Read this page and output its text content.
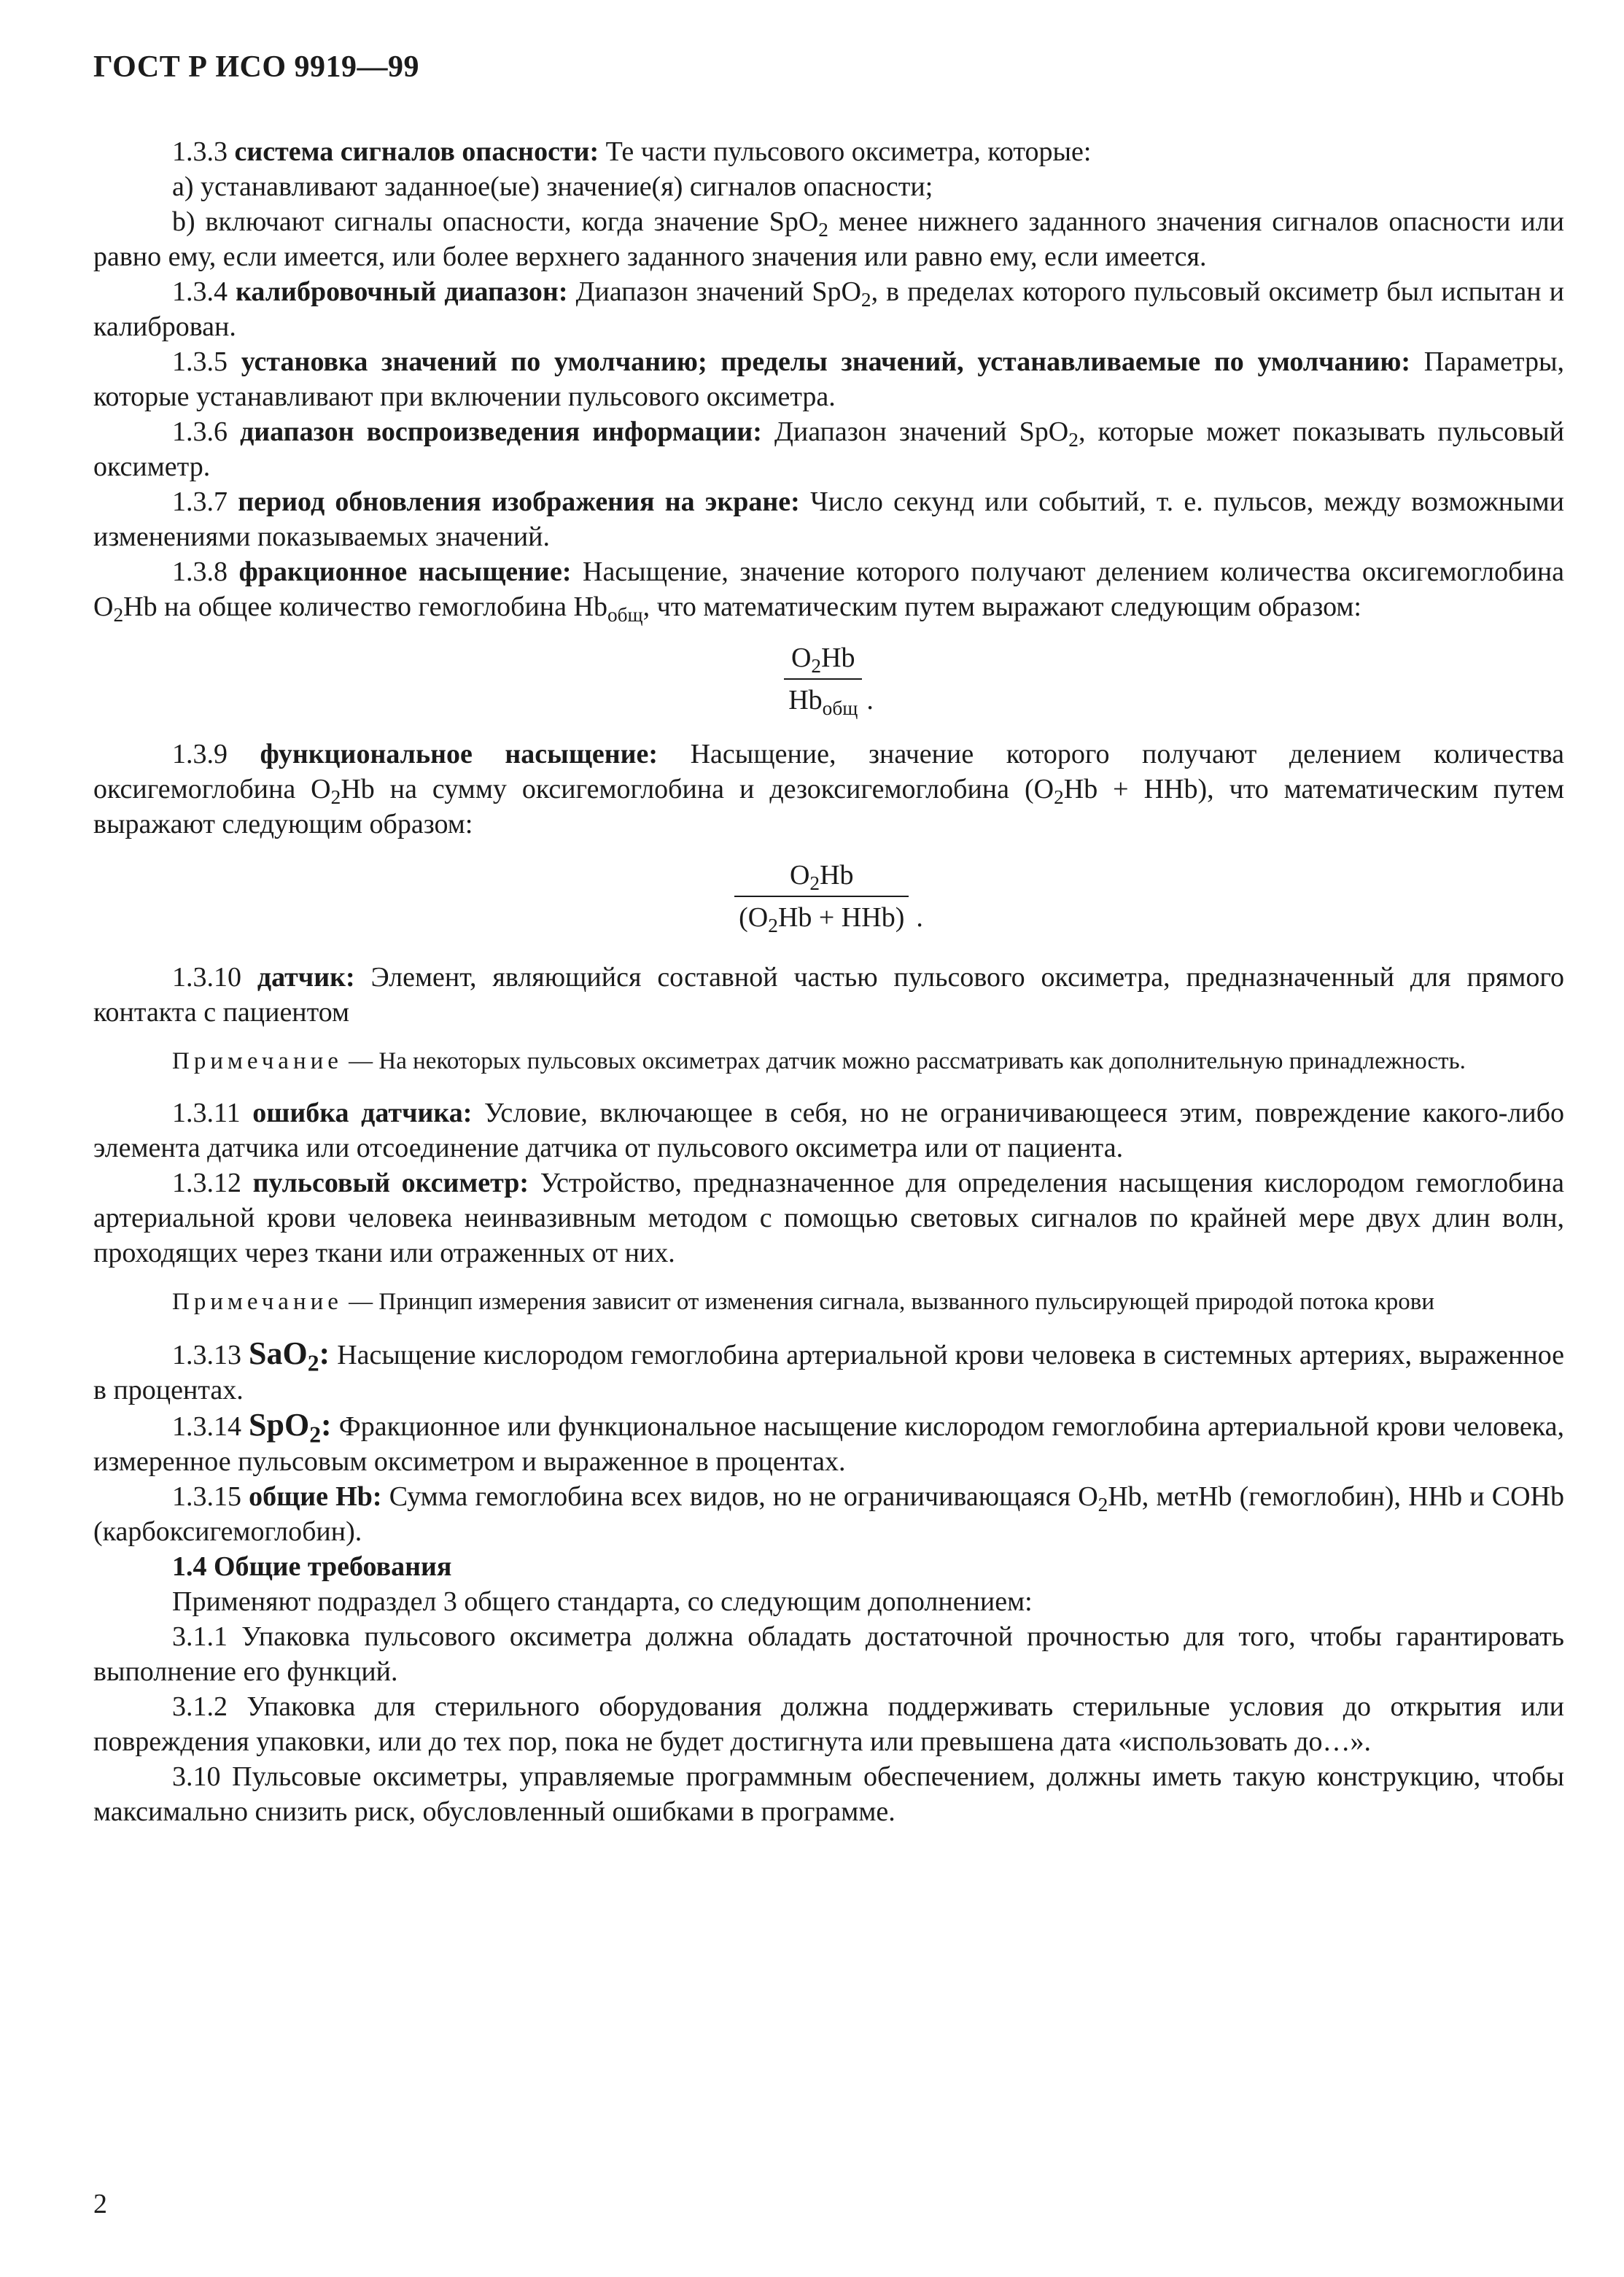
ГОСТ Р ИСО 9919—99

1.3.3 система сигналов опасности: Те части пульсового оксиметра, которые:

а) устанавливают заданное(ые) значение(я) сигналов опасности;

b) включают сигналы опасности, когда значение SpO$_2$ менее нижнего заданного значения сигналов опасности или равно ему, если имеется, или более верхнего заданного значения или равно ему, если имеется.

1.3.4 калибровочный диапазон: Диапазон значений SpO$_2$, в пределах которого пульсовый оксиметр был испытан и калиброван.

1.3.5 установка значений по умолчанию; пределы значений, устанавливаемые по умолчанию: Параметры, которые устанавливают при включении пульсового оксиметра.

1.3.6 диапазон воспроизведения информации: Диапазон значений SpO$_2$, которые может показывать пульсовый оксиметр.

1.3.7 период обновления изображения на экране: Число секунд или событий, т. е. пульсов, между возможными изменениями показываемых значений.

1.3.8 фракционное насыщение: Насыщение, значение которого получают делением количества оксигемоглобина $O_2Hb$ на общее количество гемоглобина $Hb_{общ}$, что математическим путем выражают следующим образом:

$\frac{O_2Hb}{Hb_{общ}}$ .

1.3.9 функциональное насыщение: Насыщение, значение которого получают делением количества оксигемоглобина $O_2Hb$ на сумму оксигемоглобина и дезоксигемоглобина $(O_2Hb + HHb)$, что математическим путем выражают следующим образом:

$\frac{O_2Hb}{(O_2Hb + HHb)}$ .

1.3.10 датчик: Элемент, являющийся составной частью пульсового оксиметра, предназначенный для прямого контакта с пациентом

Примечание — На некоторых пульсовых оксиметрах датчик можно рассматривать как дополнительную принадлежность.

1.3.11 ошибка датчика: Условие, включающее в себя, но не ограничивающееся этим, повреждение какого-либо элемента датчика или отсоединение датчика от пульсового оксиметра или от пациента.

1.3.12 пульсовый оксиметр: Устройство, предназначенное для определения насыщения кислородом гемоглобина артериальной крови человека неинвазивным методом с помощью световых сигналов по крайней мере двух длин волн, проходящих через ткани или отраженных от них.

Примечание — Принцип измерения зависит от изменения сигнала, вызванного пульсирующей природой потока крови

1.3.13 SaO$_2$: Насыщение кислородом гемоглобина артериальной крови человека в системных артериях, выраженное в процентах.

1.3.14 SpO$_2$: Фракционное или функциональное насыщение кислородом гемоглобина артериальной крови человека, измеренное пульсовым оксиметром и выраженное в процентах.

1.3.15 общие Hb: Сумма гемоглобина всех видов, но не ограничивающаяся $O_2Hb$, метHb (гемоглобин), HHb и COHb (карбоксигемоглобин).

1.4 Общие требования

Применяют подраздел 3 общего стандарта, со следующим дополнением:

3.1.1 Упаковка пульсового оксиметра должна обладать достаточной прочностью для того, чтобы гарантировать выполнение его функций.

3.1.2 Упаковка для стерильного оборудования должна поддерживать стерильные условия до открытия или повреждения упаковки, или до тех пор, пока не будет достигнута или превышена дата «использовать до…».

3.10 Пульсовые оксиметры, управляемые программным обеспечением, должны иметь такую конструкцию, чтобы максимально снизить риск, обусловленный ошибками в программе.

2
